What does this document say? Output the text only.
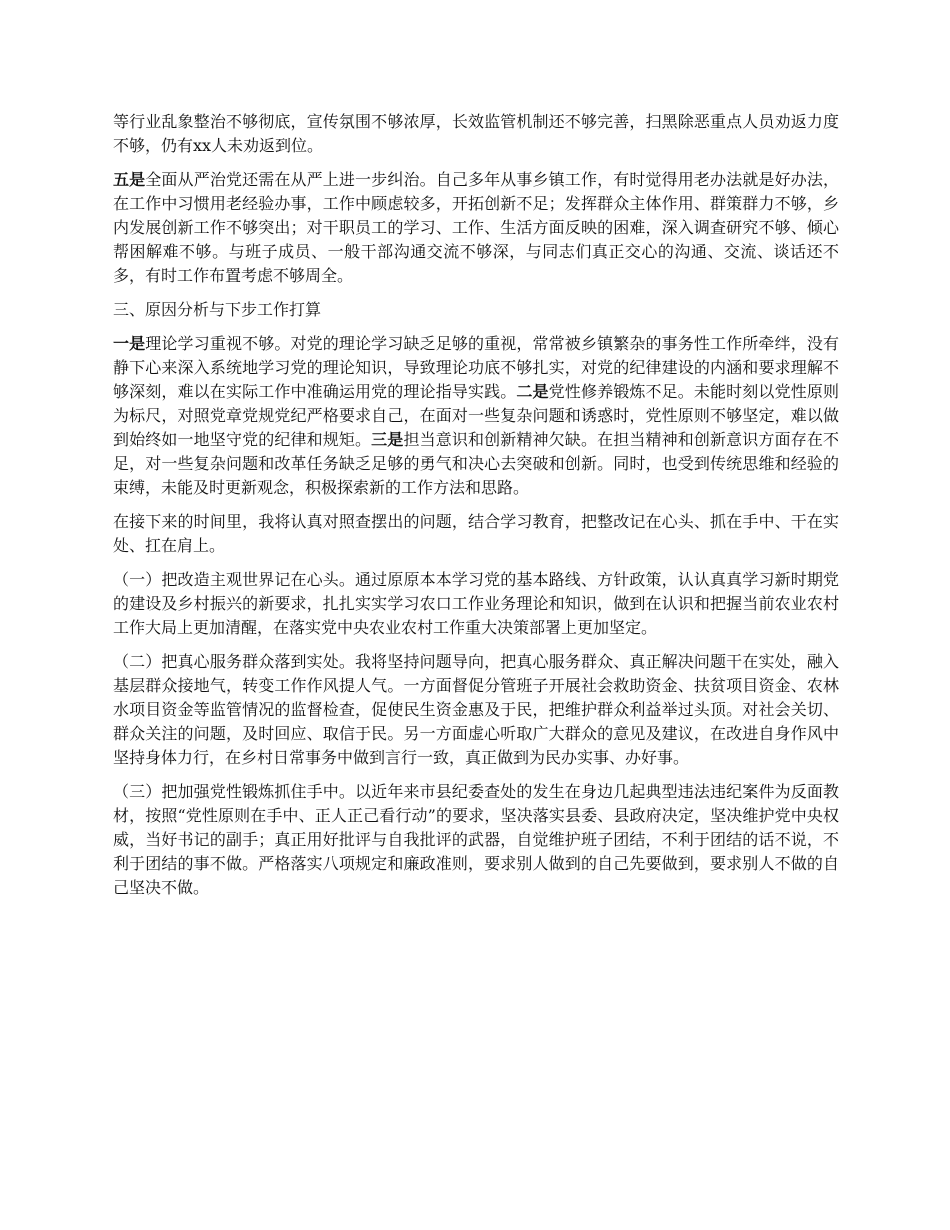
等行业乱象整治不够彻底，宣传氛围不够浓厚，长效监管机制还不够完善，扫黑除恶重点人员劝返力度不够，仍有xx人未劝返到位。

五是全面从严治党还需在从严上进一步纠治。自己多年从事乡镇工作，有时觉得用老办法就是好办法，在工作中习惯用老经验办事，工作中顾虑较多，开拓创新不足；发挥群众主体作用、群策群力不够，乡内发展创新工作不够突出；对干职员工的学习、工作、生活方面反映的困难，深入调查研究不够、倾心帮困解难不够。与班子成员、一般干部沟通交流不够深，与同志们真正交心的沟通、交流、谈话还不多，有时工作布置考虑不够周全。

三、原因分析与下步工作打算

一是理论学习重视不够。对党的理论学习缺乏足够的重视，常常被乡镇繁杂的事务性工作所牵绊，没有静下心来深入系统地学习党的理论知识，导致理论功底不够扎实，对党的纪律建设的内涵和要求理解不够深刻，难以在实际工作中准确运用党的理论指导实践。二是党性修养锻炼不足。未能时刻以党性原则为标尺，对照党章党规党纪严格要求自己，在面对一些复杂问题和诱惑时，党性原则不够坚定，难以做到始终如一地坚守党的纪律和规矩。三是担当意识和创新精神欠缺。在担当精神和创新意识方面存在不足，对一些复杂问题和改革任务缺乏足够的勇气和决心去突破和创新。同时，也受到传统思维和经验的束缚，未能及时更新观念，积极探索新的工作方法和思路。

在接下来的时间里，我将认真对照查摆出的问题，结合学习教育，把整改记在心头、抓在手中、干在实处、扛在肩上。

（一）把改造主观世界记在心头。通过原原本本学习党的基本路线、方针政策，认认真真学习新时期党的建设及乡村振兴的新要求，扎扎实实学习农口工作业务理论和知识，做到在认识和把握当前农业农村工作大局上更加清醒，在落实党中央农业农村工作重大决策部署上更加坚定。

（二）把真心服务群众落到实处。我将坚持问题导向，把真心服务群众、真正解决问题干在实处，融入基层群众接地气，转变工作作风提人气。一方面督促分管班子开展社会救助资金、扶贫项目资金、农林水项目资金等监管情况的监督检查，促使民生资金惠及于民，把维护群众利益举过头顶。对社会关切、群众关注的问题，及时回应、取信于民。另一方面虚心听取广大群众的意见及建议，在改进自身作风中坚持身体力行，在乡村日常事务中做到言行一致，真正做到为民办实事、办好事。

（三）把加强党性锻炼抓住手中。以近年来市县纪委查处的发生在身边几起典型违法违纪案件为反面教材，按照“党性原则在手中、正人正己看行动”的要求，坚决落实县委、县政府决定，坚决维护党中央权威，当好书记的副手；真正用好批评与自我批评的武器，自觉维护班子团结，不利于团结的话不说，不利于团结的事不做。严格落实八项规定和廉政准则，要求别人做到的自己先要做到，要求别人不做的自己坚决不做。
